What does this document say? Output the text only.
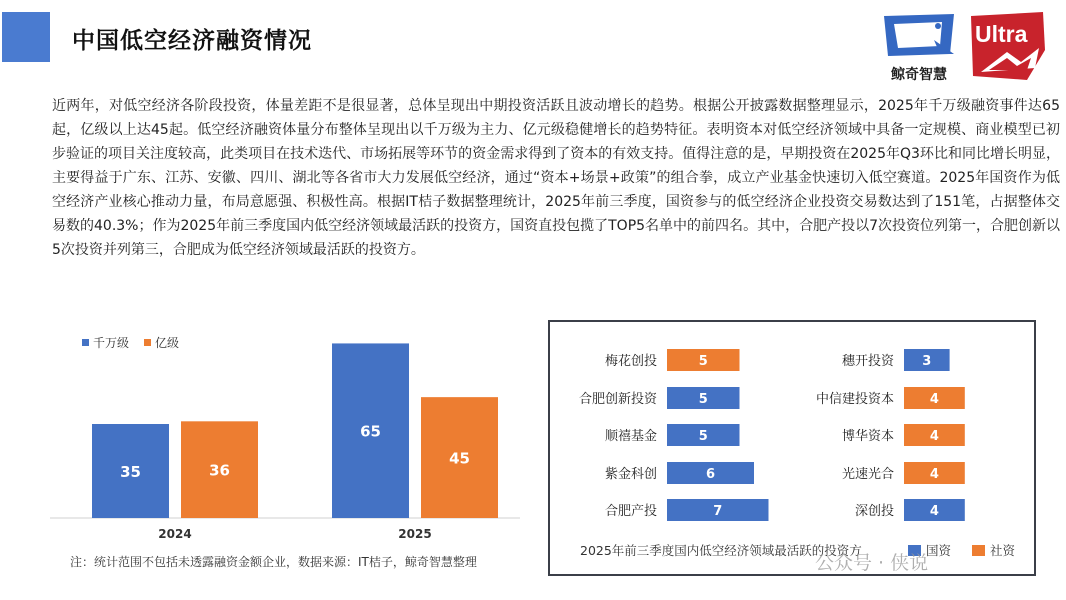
中国低空经济融资情况
鲸奇智慧
Ultra
近两年，对低空经济各阶段投资，体量差距不是很显著，总体呈现出中期投资活跃且波动增长的趋势。根据公开披露数据整理显示，2025年千万级融资事件达65起，亿级以上达45起。低空经济融资体量分布整体呈现出以千万级为主力、亿元级稳健增长的趋势特征。表明资本对低空经济领域中具备一定规模、商业模型已初步验证的项目关注度较高，此类项目在技术迭代、市场拓展等环节的资金需求得到了资本的有效支持。值得注意的是，早期投资在2025年Q3环比和同比增长明显，主要得益于广东、江苏、安徽、四川、湖北等各省市大力发展低空经济，通过“资本+场景+政策”的组合拳，成立产业基金快速切入低空赛道。2025年国资作为低空经济产业核心推动力量，布局意愿强、积极性高。根据IT桔子数据整理统计，2025年前三季度，国资参与的低空经济企业投资交易数达到了151笔，占据整体交易数的40.3%；作为2025年前三季度国内低空经济领域最活跃的投资方，国资直投包揽了TOP5名单中的前四名。其中，合肥产投以7次投资位列第一，合肥创新以5次投资并列第三，合肥成为低空经济领域最活跃的投资方。
千万级 亿级
35	36
2024
65
45
2025
注：统计范围不包括未透露融资金额企业，数据来源：IT桔子，鲸奇智慧整理
梅花创投	5
合肥创新投资	5
顺禧基金	5
紫金科创	6
合肥产投	7
穗开投资 3
中信建投资本	4
博华资本	4
光速光合	4
深创投	4
2025年前三季度国内低空经济领域最活跃的投资方	国资	社资
公众号 · 侠说
